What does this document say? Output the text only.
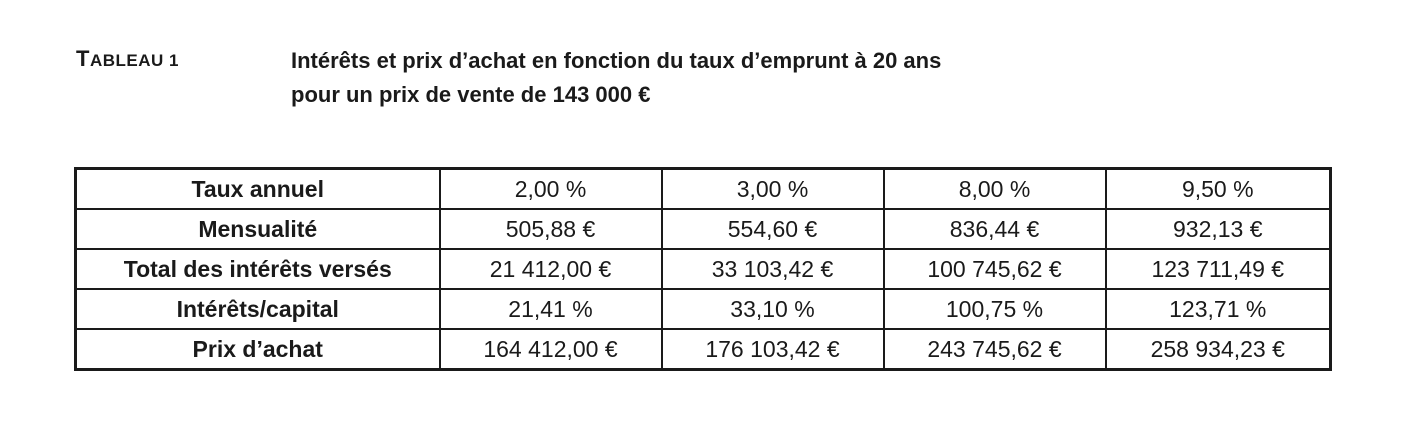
TABLEAU 1	Intérêts et prix d’achat en fonction du taux d’emprunt à 20 ans
pour un prix de vente de 143 000 €
Taux annuel	2,00 %	3,00 %	8,00 %	9,50 %
Mensualité	505,88 €	554,60 €	836,44 €	932,13 €
Total des intérêts versés	21 412,00 €	33 103,42 €	100 745,62 €	123 711,49 €
Intérêts/capital	21,41 %	33,10 %	100,75 %	123,71 %
Prix d’achat	164 412,00 €	176 103,42 €	243 745,62 €	258 934,23 €
